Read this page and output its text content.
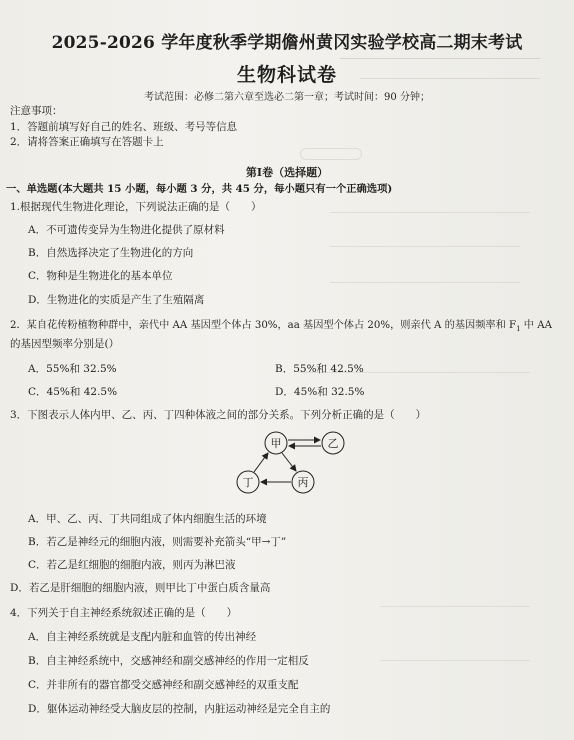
2025-2026 学年度秋季学期儋州黄冈实验学校高二期末考试
生物科试卷
考试范围：必修二第六章至选必二第一章；考试时间：90 分钟；
注意事项：
1．答题前填写好自己的姓名、班级、考号等信息
2．请将答案正确填写在答题卡上
第Ⅰ卷（选择题）
一、单选题(本大题共 15 小题，每小题 3 分，共 45 分，每小题只有一个正确选项)
1.根据现代生物进化理论，下列说法正确的是（　　）
A．不可遗传变异为生物进化提供了原材料
B．自然选择决定了生物进化的方向
C．物种是生物进化的基本单位
D．生物进化的实质是产生了生殖隔离
2．某自花传粉植物种群中，亲代中 AA 基因型个体占 30%，aa 基因型个体占 20%，则亲代 A 的基因频率和 $F_1$ 中 AA
的基因型频率分别是(）
A．55%和 32.5%	B．55%和 42.5%
C．45%和 42.5%	D．45%和 32.5%
3．下图表示人体内甲、乙、丙、丁四种体液之间的部分关系。下列分析正确的是（　　）
甲	乙
丁	丙
A．甲、乙、丙、丁共同组成了体内细胞生活的环境
B．若乙是神经元的细胞内液，则需要补充箭头“甲→丁”
C．若乙是红细胞的细胞内液，则丙为淋巴液
D．若乙是肝细胞的细胞内液，则甲比丁中蛋白质含量高
4．下列关于自主神经系统叙述正确的是（　　）
A．自主神经系统就是支配内脏和血管的传出神经
B．自主神经系统中，交感神经和副交感神经的作用一定相反
C．并非所有的器官都受交感神经和副交感神经的双重支配
D．躯体运动神经受大脑皮层的控制，内脏运动神经是完全自主的
